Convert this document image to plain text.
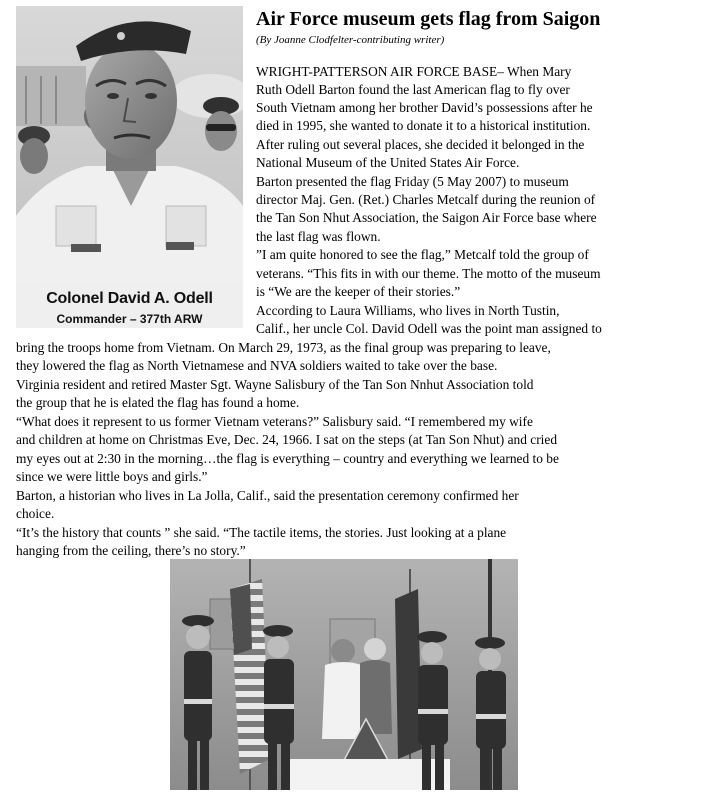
Colonel David A. Odell
Commander – 377th ARW
Air Force museum gets flag from Saigon

(By Joanne Clodfelter-contributing writer)

WRIGHT-PATTERSON AIR FORCE BASE– When Mary

Ruth Odell Barton found the last American flag to fly over

South Vietnam among her brother David’s possessions after he

died in 1995, she wanted to donate it to a historical institution.

After ruling out several places, she decided it belonged in the

National Museum of the United States Air Force.

Barton presented the flag Friday (5 May 2007) to museum

director Maj. Gen. (Ret.) Charles Metcalf during the reunion of

the Tan Son Nhut Association, the Saigon Air Force base where

the last flag was flown.

”I am quite honored to see the flag,” Metcalf told the group of

veterans. “This fits in with our theme. The motto of the museum

is “We are the keeper of their stories.”

According to Laura Williams, who lives in North Tustin,

Calif., her uncle Col. David Odell was the point man assigned to

bring the troops home from Vietnam. On March 29, 1973, as the final group was preparing to leave,

they lowered the flag as North Vietnamese and NVA soldiers waited to take over the base.

Virginia resident and retired Master Sgt. Wayne Salisbury of the Tan Son Nnhut Association told

the group that he is elated the flag has found a home.

“What does it represent to us former Vietnam veterans?” Salisbury said. “I remembered my wife

and children at home on Christmas Eve, Dec. 24, 1966. I sat on the steps (at Tan Son Nhut) and cried

my eyes out at 2:30 in the morning…the flag is everything – country and everything we learned to be

since we were little boys and girls.”

Barton, a historian who lives in La Jolla, Calif., said the presentation ceremony confirmed her

choice.

“It’s the history that counts ” she said. “The tactile items, the stories. Just looking at a plane

hanging from the ceiling, there’s no story.”
